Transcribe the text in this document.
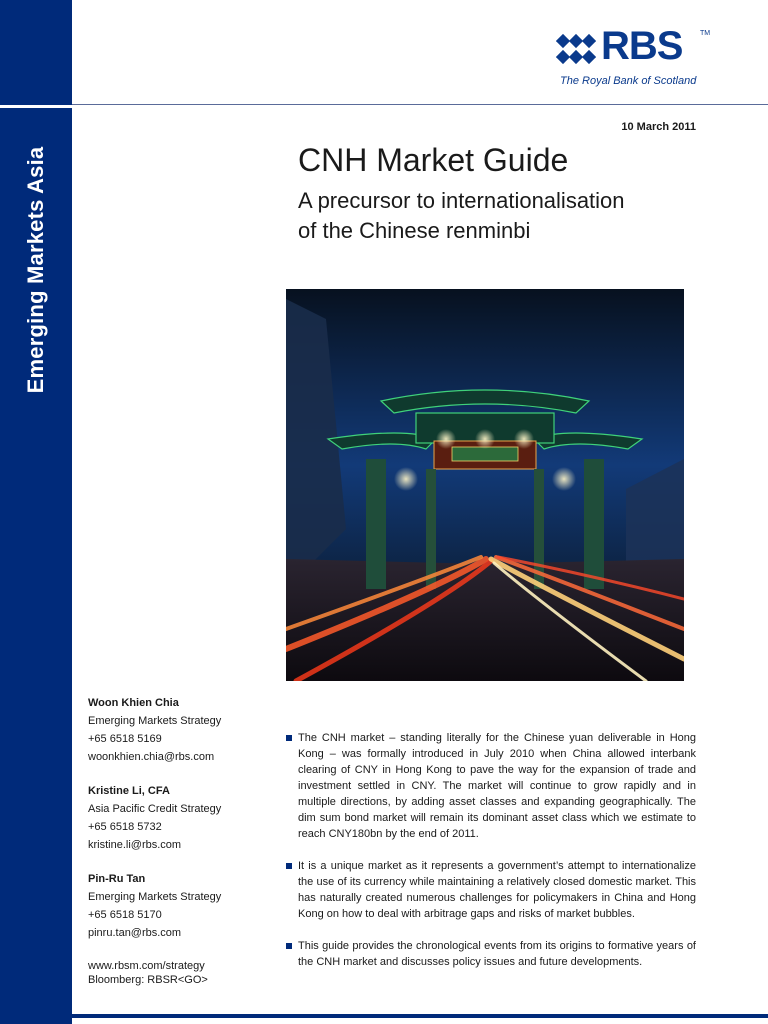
Emerging Markets Asia
RBS	TM
The Royal Bank of Scotland
10 March 2011
CNH Market Guide
A precursor to internationalisation
of the Chinese renminbi
Woon Khien Chia
Emerging Markets Strategy
+65 6518 5169
woonkhien.chia@rbs.com
Kristine Li, CFA
Asia Pacific Credit Strategy
+65 6518 5732
kristine.li@rbs.com
Pin-Ru Tan
Emerging Markets Strategy
+65 6518 5170
pinru.tan@rbs.com
www.rbsm.com/strategy
Bloomberg: RBSR<GO>
The CNH market – standing literally for the Chinese yuan deliverable in Hong Kong – was formally introduced in July 2010 when China allowed interbank clearing of CNY in Hong Kong to pave the way for the expansion of trade and investment settled in CNY. The market will continue to grow rapidly and in multiple directions, by adding asset classes and expanding geographically. The dim sum bond market will remain its dominant asset class which we estimate to reach CNY180bn by the end of 2011.
It is a unique market as it represents a government’s attempt to internationalize the use of its currency while maintaining a relatively closed domestic market. This has naturally created numerous challenges for policymakers in China and Hong Kong on how to deal with arbitrage gaps and risks of market bubbles.
This guide provides the chronological events from its origins to formative years of the CNH market and discusses policy issues and future developments.
